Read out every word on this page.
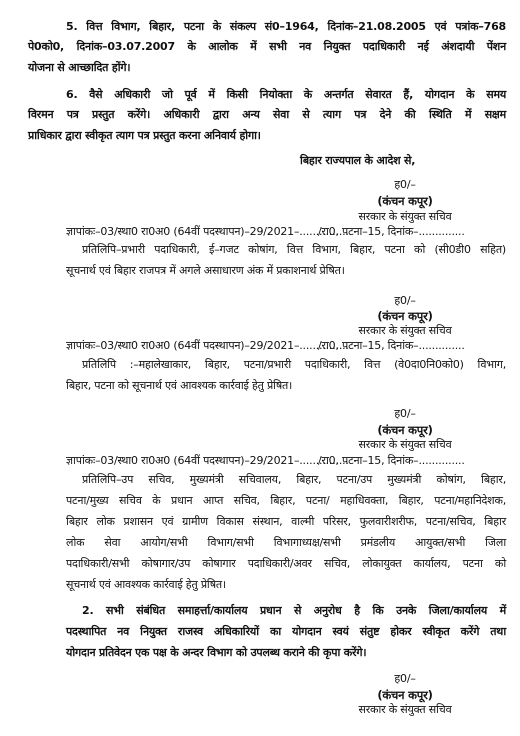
5. वित्त विभाग, बिहार, पटना के संकल्प सं0–1964, दिनांक–21.08.2005 एवं पत्रांक–768
पे0को0, दिनांक–03.07.2007 के आलोक में सभी नव नियुक्त पदाधिकारी नई अंशदायी पेंशन
योजना से आच्छादित होंगे।
6. वैसे अधिकारी जो पूर्व में किसी नियोक्ता के अन्तर्गत सेवारत हैं, योगदान के समय
विरमन पत्र प्रस्तुत करेंगे। अधिकारी द्वारा अन्य सेवा से त्याग पत्र देने की स्थिति में सक्षम
प्राधिकार द्वारा स्वीकृत त्याग पत्र प्रस्तुत करना अनिवार्य होगा।
बिहार राज्यपाल के आदेश से,
ह0/–
(कंचन कपूर)
सरकार के संयुक्त सचिव
ज्ञापांकः–03/स्था0 रा0अ0 (64वीं पदस्थापन)–29/2021–...............
/रा0, पटना–15, दिनांक–..............
प्रतिलिपि–प्रभारी पदाधिकारी, ई–गजट कोषांग, वित्त विभाग, बिहार, पटना को (सी0डी0 सहित)
सूचनार्थ एवं बिहार राजपत्र में अगले असाधारण अंक में प्रकाशनार्थ प्रेषित।
ह0/–
(कंचन कपूर)
सरकार के संयुक्त सचिव
ज्ञापांकः–03/स्था0 रा0अ0 (64वीं पदस्थापन)–29/2021–...............
/रा0, पटना–15, दिनांक–..............
प्रतिलिपि :–महालेखाकार, बिहार, पटना/प्रभारी पदाधिकारी, वित्त (वे0दा0नि0को0) विभाग,
बिहार, पटना को सूचनार्थ एवं आवश्यक कार्रवाई हेतु प्रेषित।
ह0/–
(कंचन कपूर)
सरकार के संयुक्त सचिव
ज्ञापांकः–03/स्था0 रा0अ0 (64वीं पदस्थापन)–29/2021–...............
/रा0, पटना–15, दिनांक–..............
प्रतिलिपि–उप सचिव, मुख्यमंत्री सचिवालय, बिहार, पटना/उप मुख्यमंत्री कोषांग, बिहार,
पटना/मुख्य सचिव के प्रधान आप्त सचिव, बिहार, पटना/ महाधिवक्ता, बिहार, पटना/महानिदेशक,
बिहार लोक प्रशासन एवं ग्रामीण विकास संस्थान, वाल्मी परिसर, फुलवारीशरीफ, पटना/सचिव, बिहार
लोक सेवा आयोग/सभी विभाग/सभी विभागाध्यक्ष/सभी प्रमंडलीय आयुक्त/सभी जिला
पदाधिकारी/सभी कोषागार/उप कोषागार पदाधिकारी/अवर सचिव, लोकायुक्त कार्यालय, पटना को
सूचनार्थ एवं आवश्यक कार्रवाई हेतु प्रेषित।
2. सभी संबंधित समाहर्त्ता/कार्यालय प्रधान से अनुरोध है कि उनके जिला/कार्यालय में
पदस्थापित नव नियुक्त राजस्व अधिकारियों का योगदान स्वयं संतुष्ट होकर स्वीकृत करेंगे तथा
योगदान प्रतिवेदन एक पक्ष के अन्दर विभाग को उपलब्ध कराने की कृपा करेंगे।
ह0/–
(कंचन कपूर)
सरकार के संयुक्त सचिव
